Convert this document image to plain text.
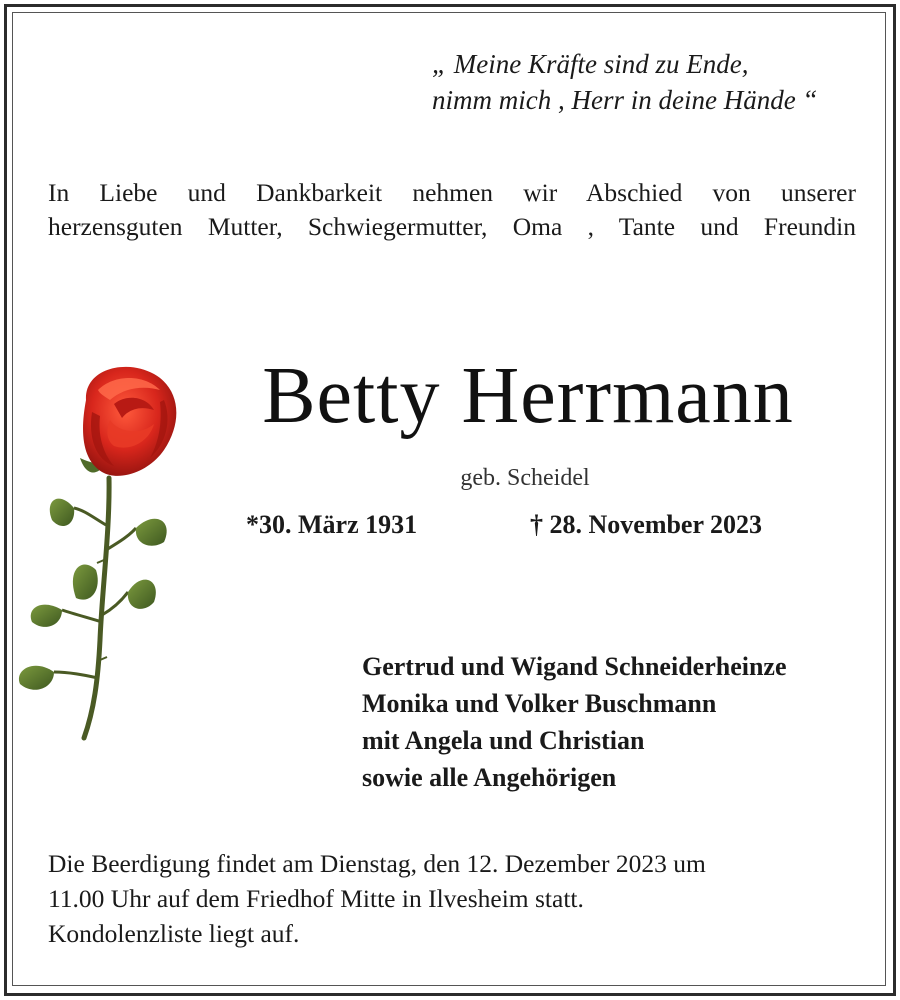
„ Meine Kräfte sind zu Ende,
nimm mich , Herr in deine Hände “
In Liebe und Dankbarkeit nehmen wir Abschied von unserer
herzensguten Mutter, Schwiegermutter, Oma , Tante und Freundin
Betty Herrmann
geb. Scheidel
*30. März 1931	† 28. November 2023
Gertrud und Wigand Schneiderheinze
Monika und Volker Buschmann
mit Angela und Christian
sowie alle Angehörigen
Die Beerdigung findet am Dienstag, den 12. Dezember 2023 um
11.00 Uhr auf dem Friedhof Mitte in Ilvesheim statt.
Kondolenzliste liegt auf.
